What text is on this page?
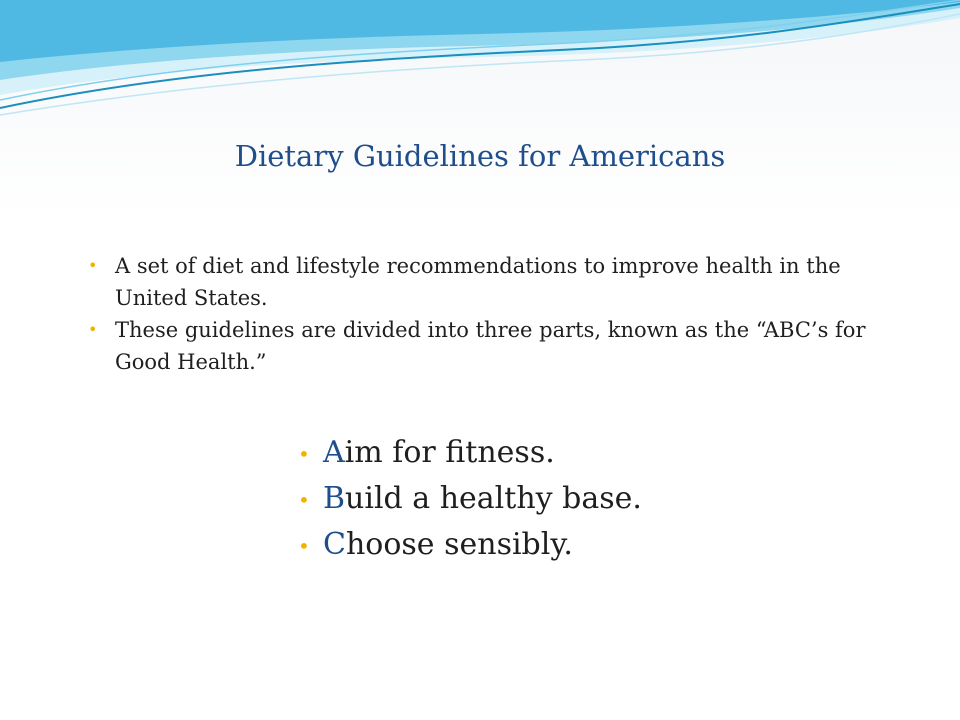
Dietary Guidelines for Americans
• A set of diet and lifestyle recommendations to improve health in the United States.
• These guidelines are divided into three parts, known as the “ABC’s for Good Health.”
• Aim for fitness.
• Build a healthy base.
• Choose sensibly.
